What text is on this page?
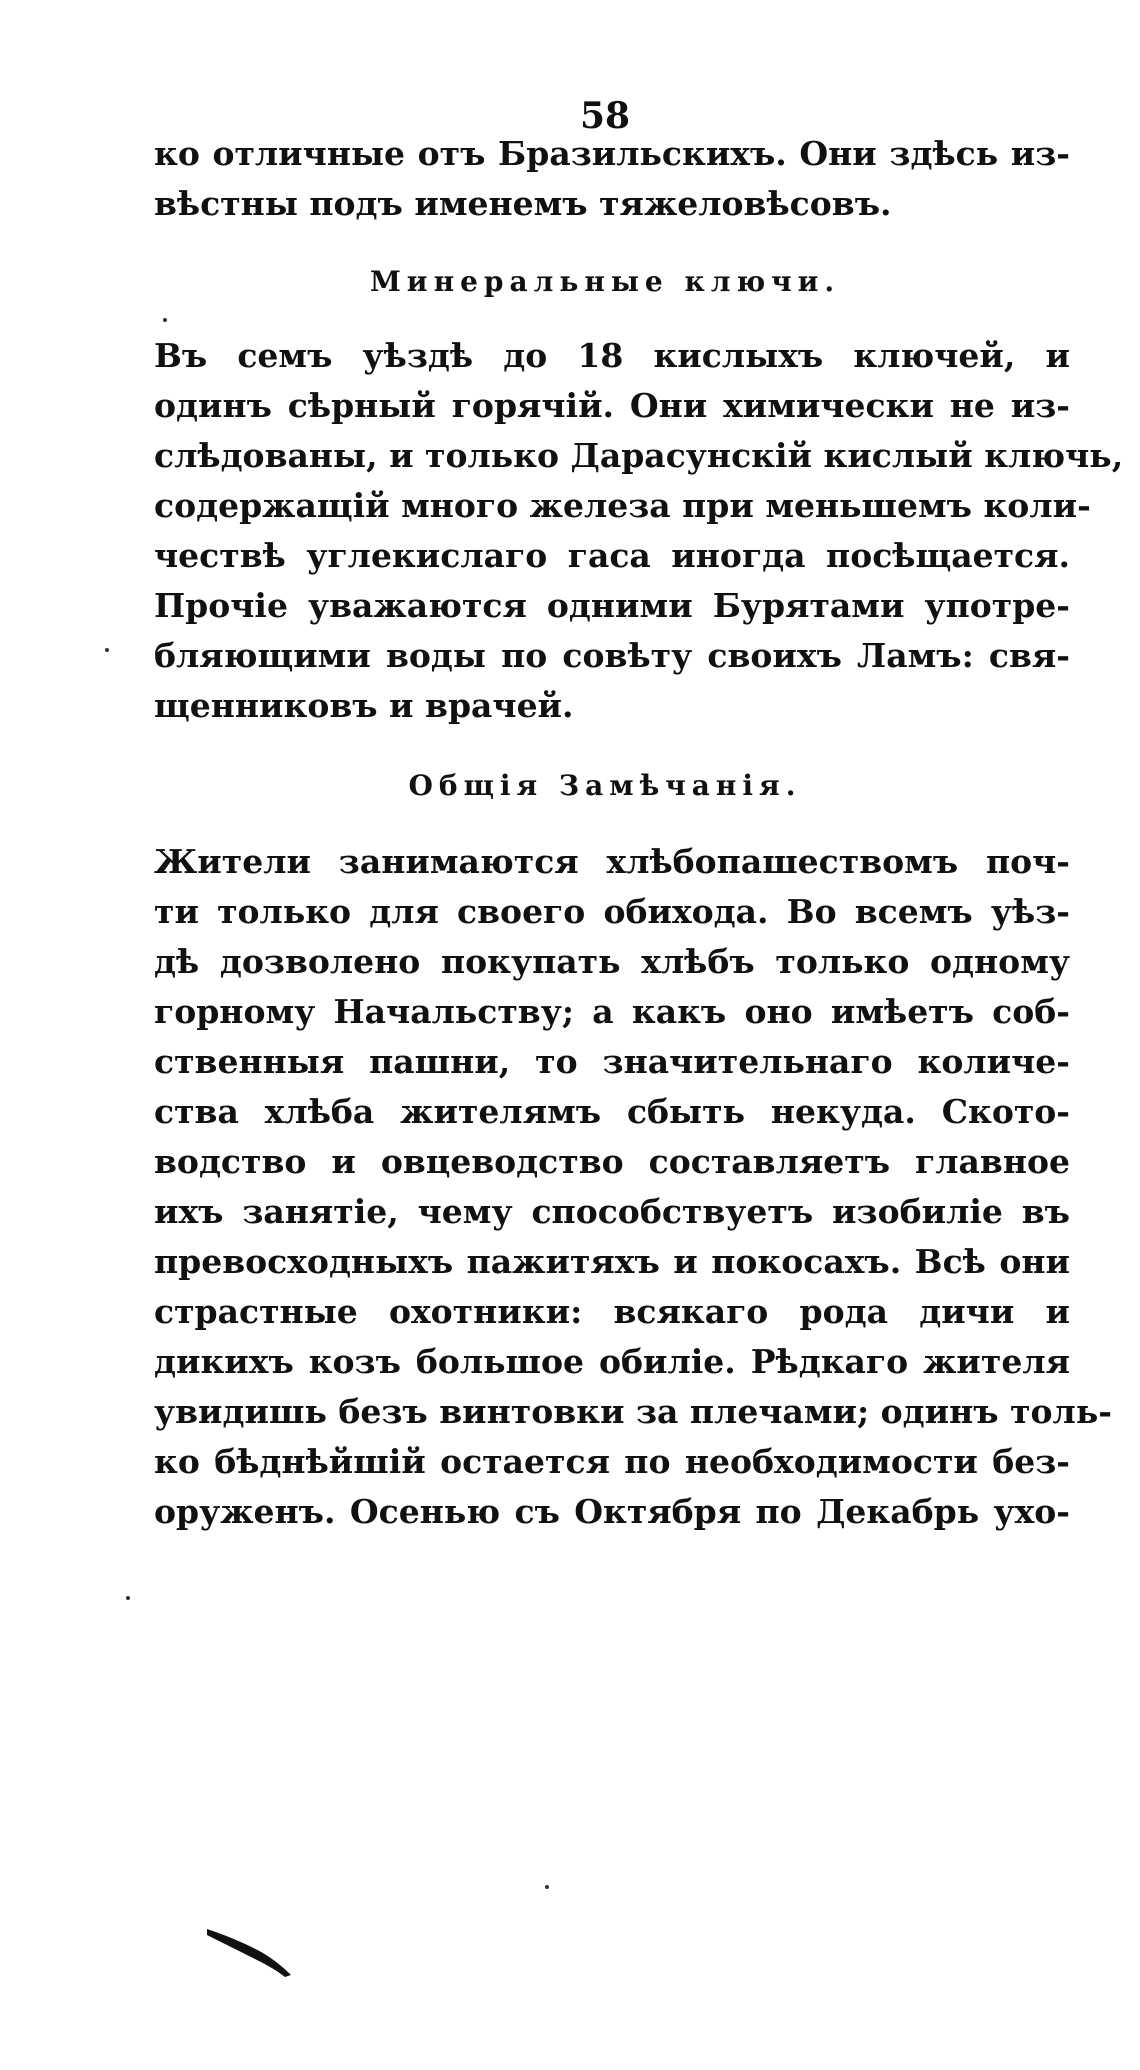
58
ко отличные отъ Бразильскихъ. Они здѣсь из-
вѣстны подъ именемъ тяжеловѣсовъ.
Минеральные ключи.
Въ семъ уѣздѣ до 18 кислыхъ ключей, и
одинъ сѣрный горячій. Они химически не из-
слѣдованы, и только Дарасунскій кислый ключь,
содержащій много железа при меньшемъ коли-
чествѣ углекислаго гаса иногда посѣщается.
Прочіе уважаются одними Бурятами употре-
бляющими воды по совѣту своихъ Ламъ: свя-
щенниковъ и врачей.
Общія Замѣчанія.
Жители занимаются хлѣбопашествомъ поч-
ти только для своего обихода. Во всемъ уѣз-
дѣ дозволено покупать хлѣбъ только одному
горному Начальству; а какъ оно имѣетъ соб-
ственныя пашни, то значительнаго количе-
ства хлѣба жителямъ сбыть некуда. Ското-
водство и овцеводство составляетъ главное
ихъ занятіе, чему способствуетъ изобиліе въ
превосходныхъ пажитяхъ и покосахъ. Всѣ они
страстные охотники: всякаго рода дичи и
дикихъ козъ большое обиліе. Рѣдкаго жителя
увидишь безъ винтовки за плечами; одинъ толь-
ко бѣднѣйшій остается по необходимости без-
оруженъ. Осенью съ Октября по Декабрь ухо-
